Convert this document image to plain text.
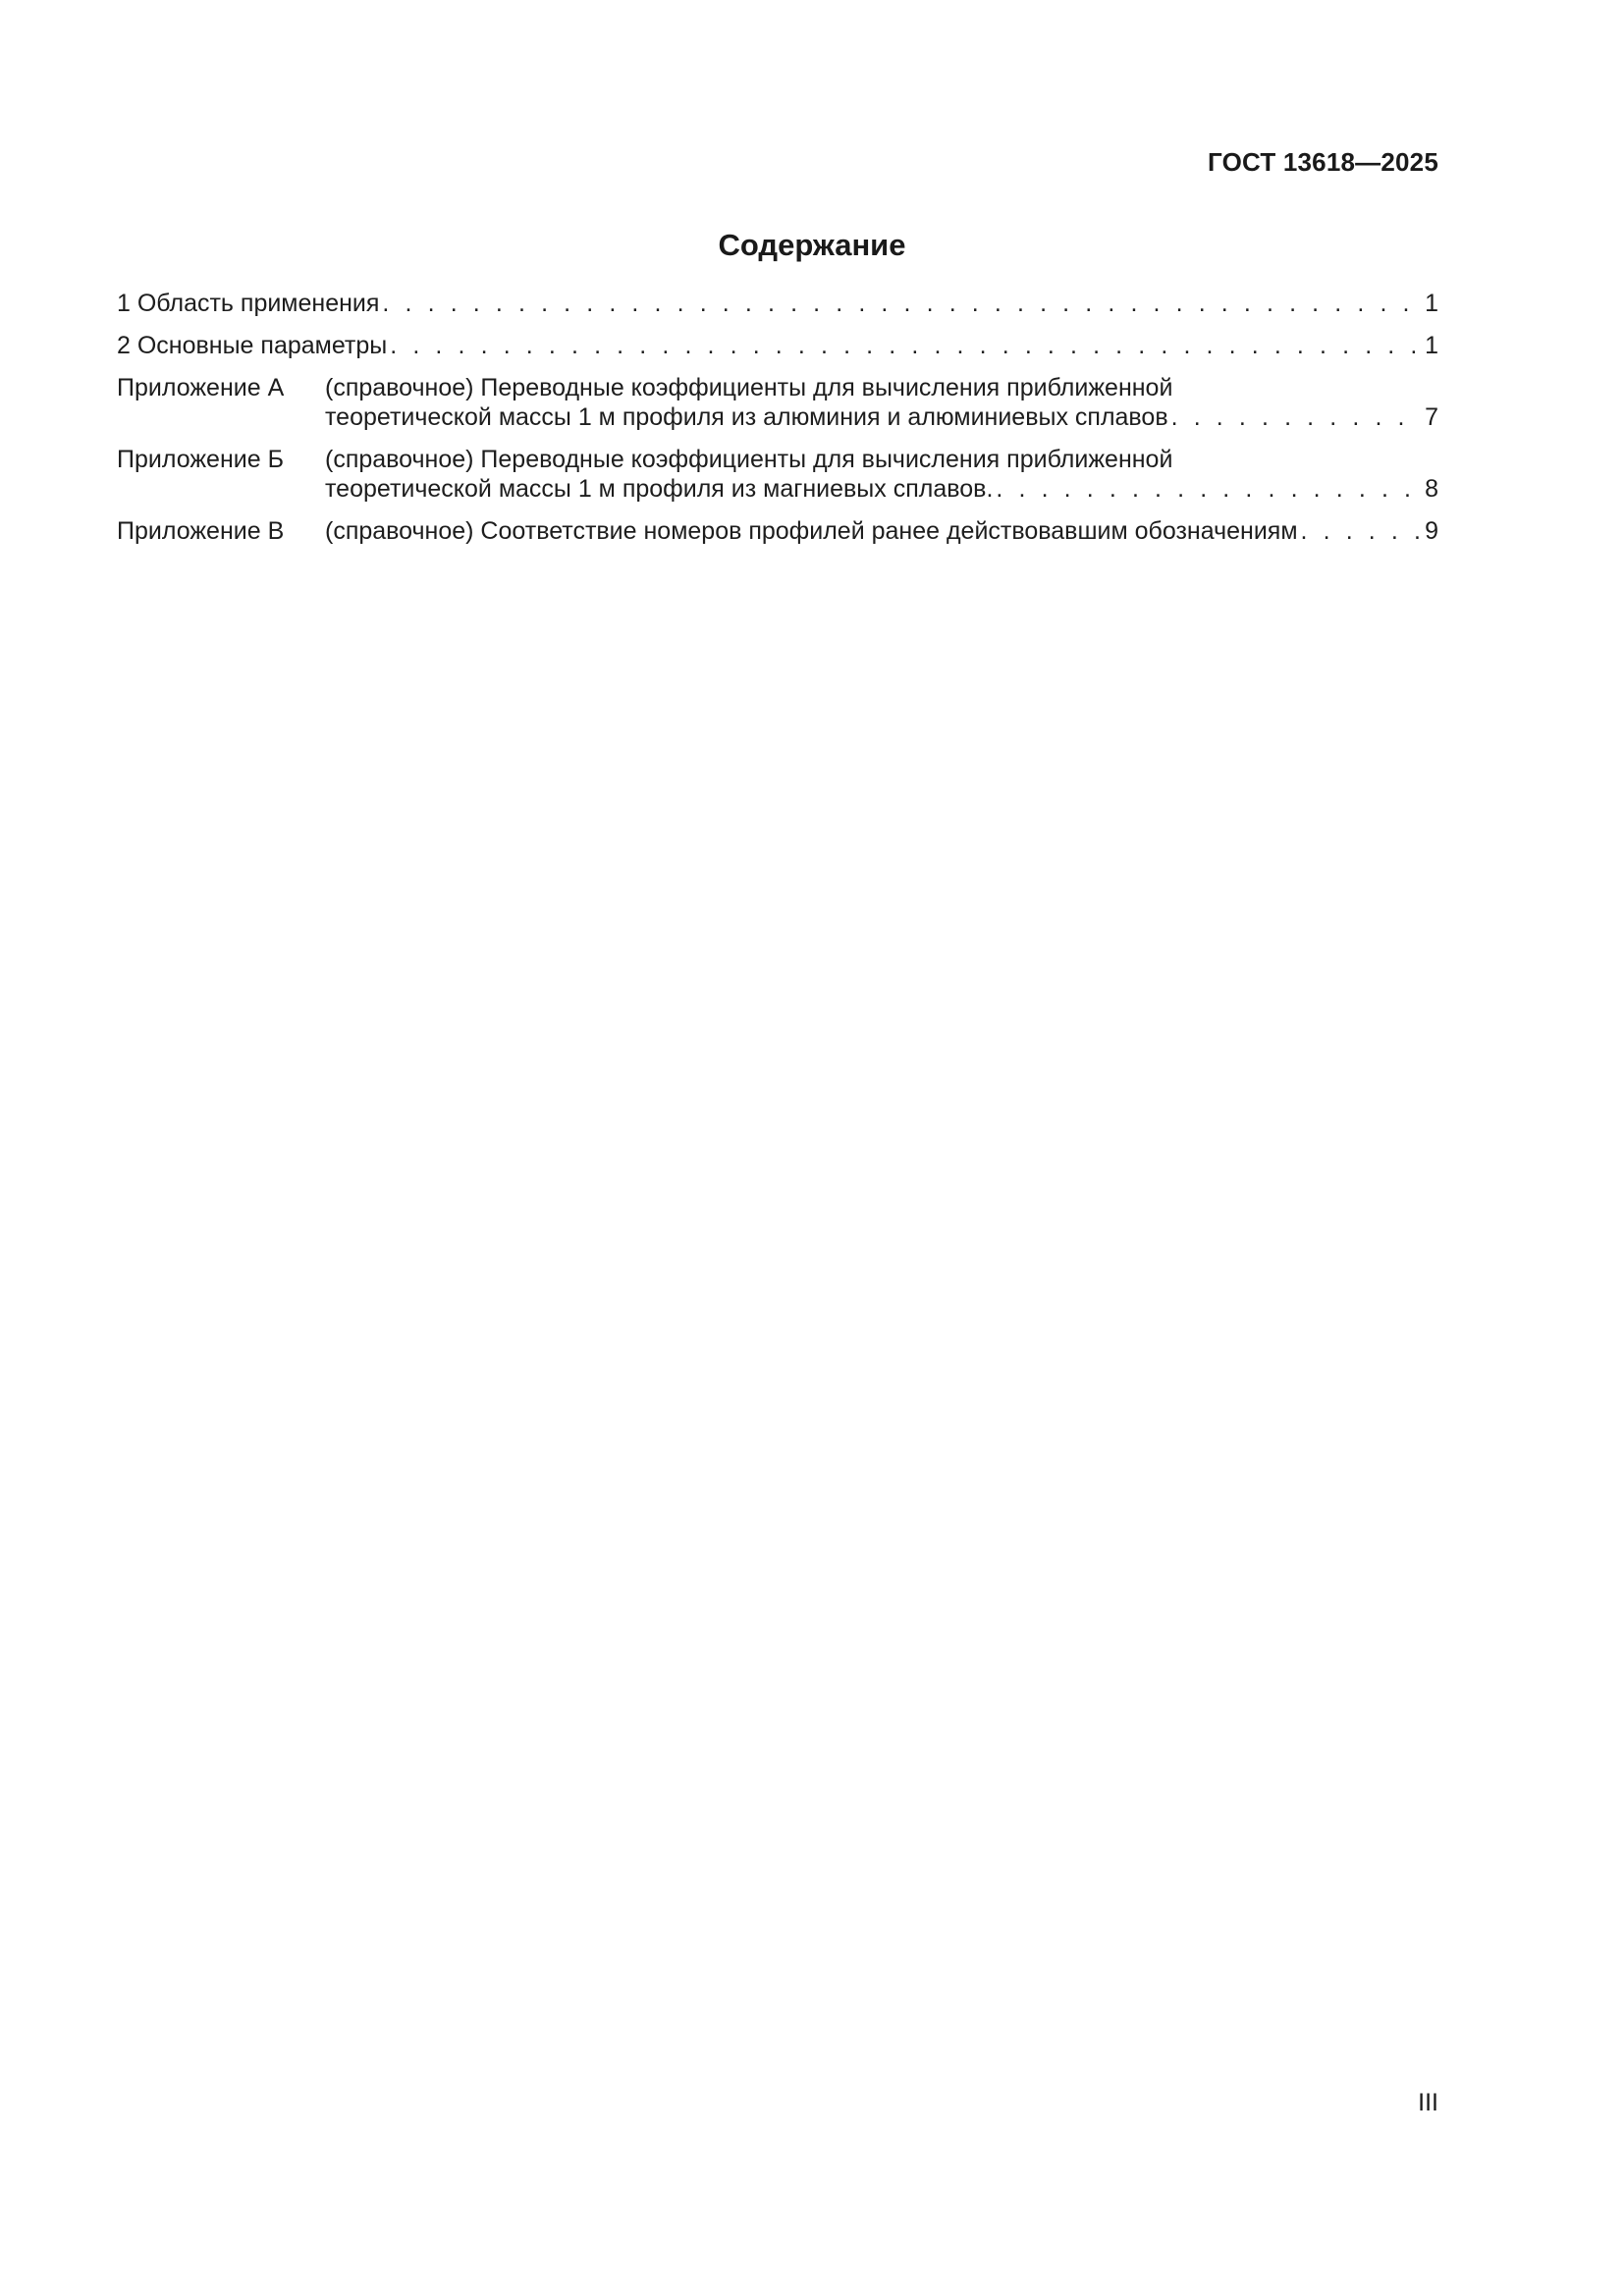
ГОСТ 13618—2025
Содержание
1 Область применения . . .	1
2 Основные параметры . . .	1
Приложение А	(справочное) Переводные коэффициенты для вычисления приближенной
теоретической массы 1 м профиля из алюминия и алюминиевых сплавов . . .	7
Приложение Б	(справочное) Переводные коэффициенты для вычисления приближенной
теоретической массы 1 м профиля из магниевых сплавов. . . .	8
Приложение В	(справочное) Соответствие номеров профилей ранее действовавшим обозначениям . . .	9
III
